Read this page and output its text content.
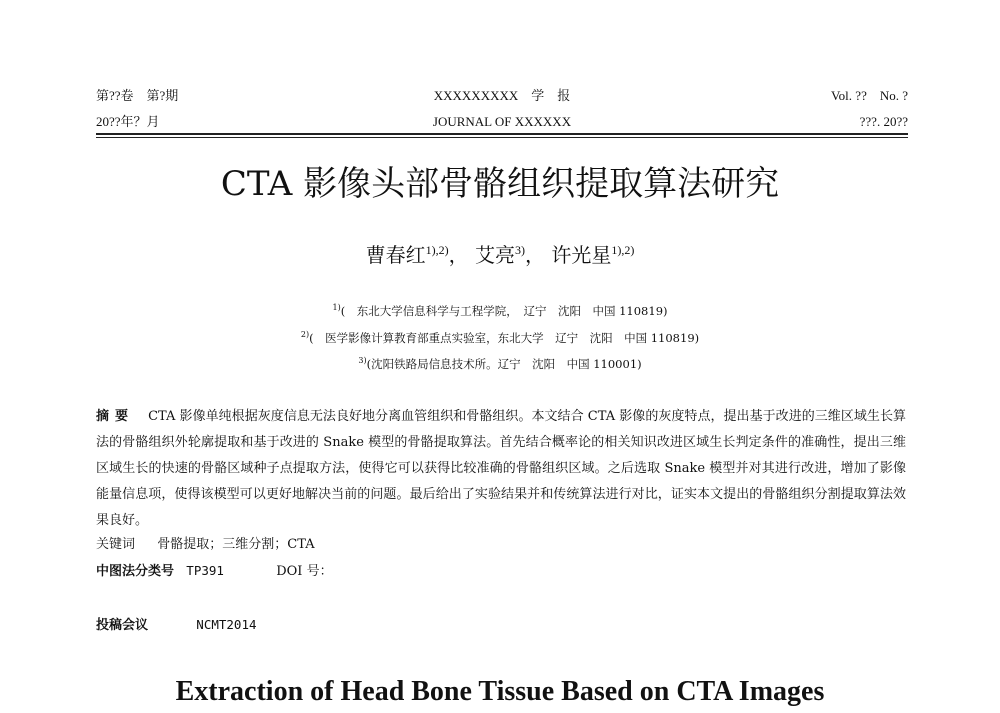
第??卷　第?期	XXXXXXXXX　学　报	Vol. ??　No. ?
20??年？月	JOURNAL OF XXXXXX	???. 20??
CTA 影像头部骨骼组织提取算法研究
曹春红$^{1),2)}$， 艾亮$^{3)}$， 许光星$^{1),2)}$
$^{1)}$(　东北大学信息科学与工程学院，　辽宁　沈阳　中国 110819)
$^{2)}$(　医学影像计算教育部重点实验室，东北大学　辽宁　沈阳　中国 110819)
$^{3)}$(沈阳铁路局信息技术所。辽宁　沈阳　中国 110001)
摘要 CTA 影像单纯根据灰度信息无法良好地分离血管组织和骨骼组织。本文结合 CTA 影像的灰度特点，提出基于改进的三维区域生长算法的骨骼组织外轮廓提取和基于改进的 Snake 模型的骨骼提取算法。首先结合概率论的相关知识改进区域生长判定条件的准确性，提出三维区域生长的快速的骨骼区域种子点提取方法，使得它可以获得比较准确的骨骼组织区域。之后选取 Snake 模型并对其进行改进，增加了影像能量信息项，使得该模型可以更好地解决当前的问题。最后给出了实验结果并和传统算法进行对比，证实本文提出的骨骼组织分割提取算法效果良好。
关键词 骨骼提取；三维分割；CTA
中图法分类号 TP391	DOI 号：
投稿会议	NCMT2014
Extraction of Head Bone Tissue Based on CTA Images
